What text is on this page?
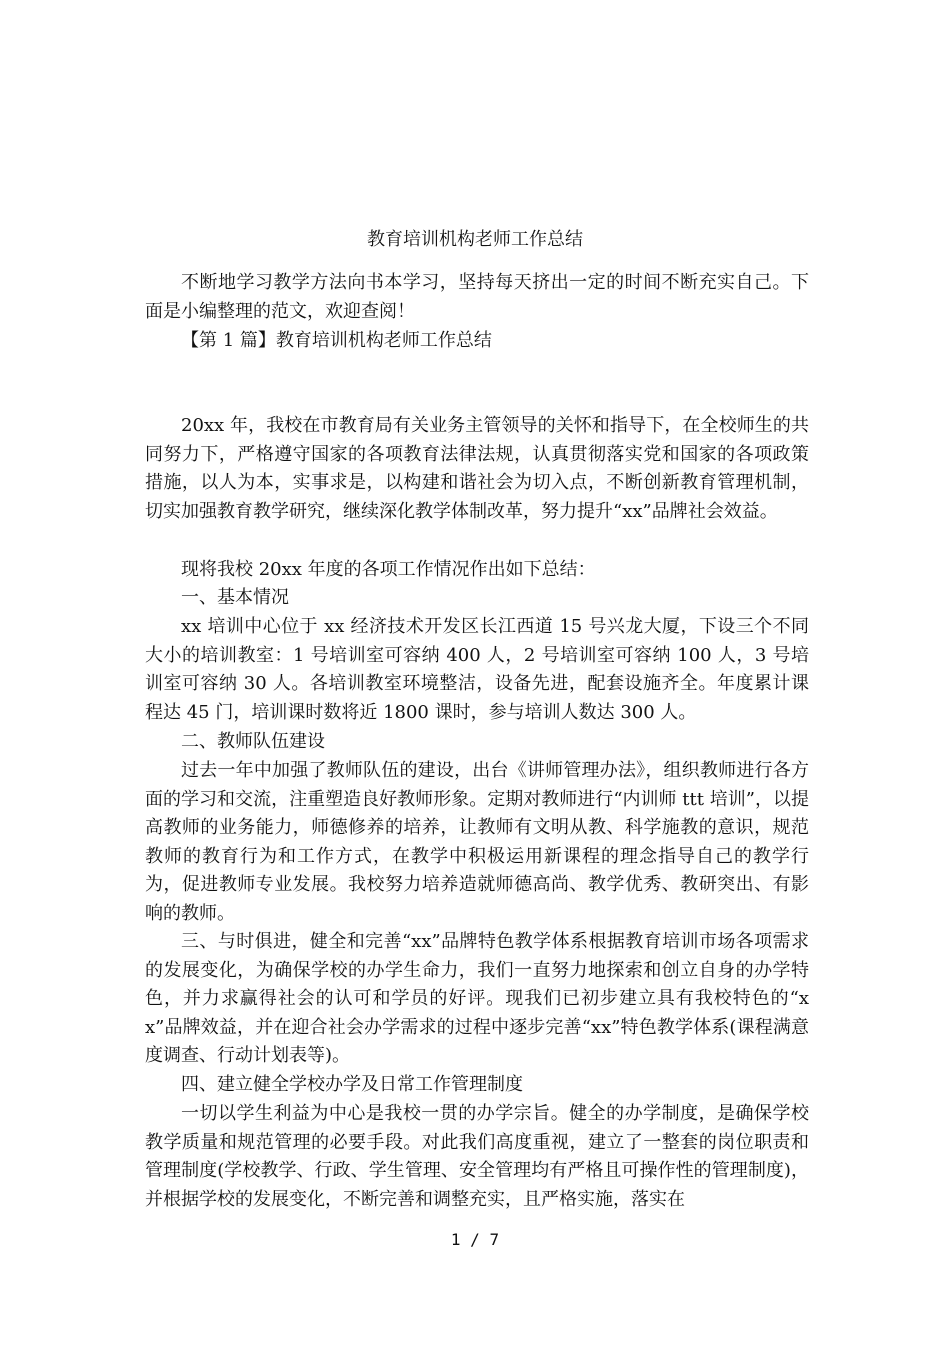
教育培训机构老师工作总结

不断地学习教学方法向书本学习，坚持每天挤出一定的时间不断充实自己。下面是小编整理的范文，欢迎查阅！

【第 1 篇】教育培训机构老师工作总结

20xx 年，我校在市教育局有关业务主管领导的关怀和指导下，在全校师生的共同努力下，严格遵守国家的各项教育法律法规，认真贯彻落实党和国家的各项政策措施，以人为本，实事求是，以构建和谐社会为切入点，不断创新教育管理机制，切实加强教育教学研究，继续深化教学体制改革，努力提升“xx”品牌社会效益。

现将我校 20xx 年度的各项工作情况作出如下总结：

一、基本情况

xx 培训中心位于 xx 经济技术开发区长江西道 15 号兴龙大厦，下设三个不同大小的培训教室：1 号培训室可容纳 400 人，2 号培训室可容纳 100 人，3 号培训室可容纳 30 人。各培训教室环境整洁，设备先进，配套设施齐全。年度累计课程达 45 门，培训课时数将近 1800 课时，参与培训人数达 300 人。

二、教师队伍建设

过去一年中加强了教师队伍的建设，出台《讲师管理办法》，组织教师进行各方面的学习和交流，注重塑造良好教师形象。定期对教师进行“内训师 ttt 培训”，以提高教师的业务能力，师德修养的培养，让教师有文明从教、科学施教的意识，规范教师的教育行为和工作方式，在教学中积极运用新课程的理念指导自己的教学行为，促进教师专业发展。我校努力培养造就师德高尚、教学优秀、教研突出、有影响的教师。

三、与时俱进，健全和完善“xx”品牌特色教学体系根据教育培训市场各项需求的发展变化，为确保学校的办学生命力，我们一直努力地探索和创立自身的办学特色，并力求赢得社会的认可和学员的好评。现我们已初步建立具有我校特色的“xx”品牌效益，并在迎合社会办学需求的过程中逐步完善“xx”特色教学体系(课程满意度调查、行动计划表等)。

四、建立健全学校办学及日常工作管理制度

一切以学生利益为中心是我校一贯的办学宗旨。健全的办学制度，是确保学校教学质量和规范管理的必要手段。对此我们高度重视，建立了一整套的岗位职责和管理制度(学校教学、行政、学生管理、安全管理均有严格且可操作性的管理制度)，并根据学校的发展变化，不断完善和调整充实，且严格实施，落实在

1 / 7
